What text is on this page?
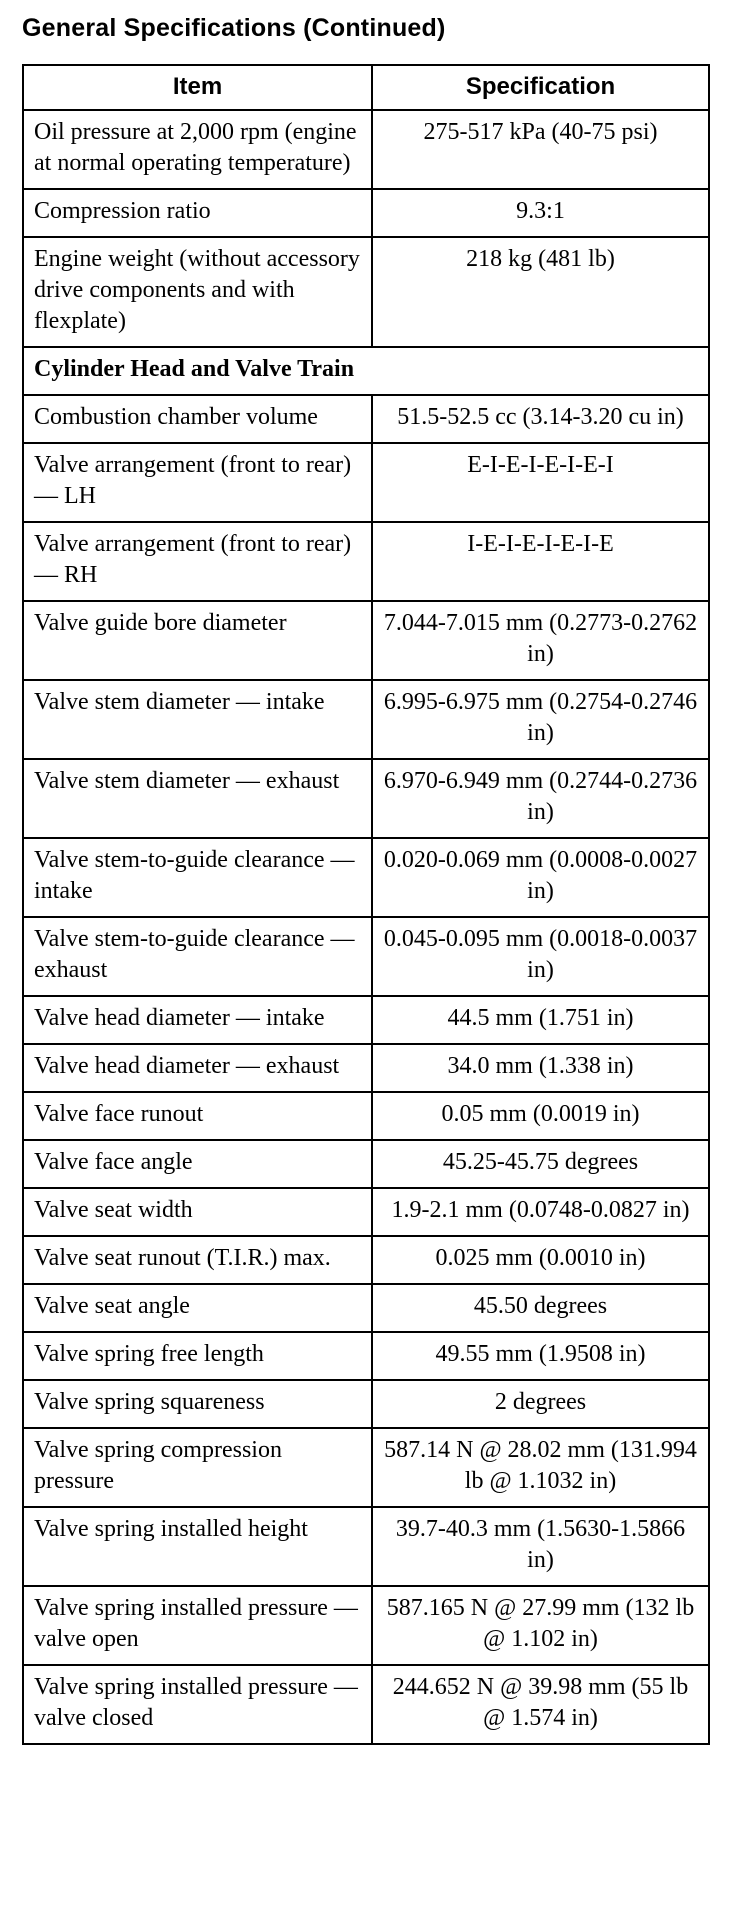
General Specifications (Continued)
Item	Specification
Oil pressure at 2,000 rpm (engine at normal operating temperature)	275-517 kPa (40-75 psi)
Compression ratio	9.3:1
Engine weight (without accessory drive components and with flexplate)	218 kg (481 lb)
Cylinder Head and Valve Train	
Combustion chamber volume	51.5-52.5 cc (3.14-3.20 cu in)
Valve arrangement (front to rear) — LH	E-I-E-I-E-I-E-I
Valve arrangement (front to rear) — RH	I-E-I-E-I-E-I-E
Valve guide bore diameter	7.044-7.015 mm (0.2773-0.2762 in)
Valve stem diameter — intake	6.995-6.975 mm (0.2754-0.2746 in)
Valve stem diameter — exhaust	6.970-6.949 mm (0.2744-0.2736 in)
Valve stem-to-guide clearance — intake	0.020-0.069 mm (0.0008-0.0027 in)
Valve stem-to-guide clearance — exhaust	0.045-0.095 mm (0.0018-0.0037 in)
Valve head diameter — intake	44.5 mm (1.751 in)
Valve head diameter — exhaust	34.0 mm (1.338 in)
Valve face runout	0.05 mm (0.0019 in)
Valve face angle	45.25-45.75 degrees
Valve seat width	1.9-2.1 mm (0.0748-0.0827 in)
Valve seat runout (T.I.R.) max.	0.025 mm (0.0010 in)
Valve seat angle	45.50 degrees
Valve spring free length	49.55 mm (1.9508 in)
Valve spring squareness	2 degrees
Valve spring compression pressure	587.14 N @ 28.02 mm (131.994 lb @ 1.1032 in)
Valve spring installed height	39.7-40.3 mm (1.5630-1.5866 in)
Valve spring installed pressure — valve open	587.165 N @ 27.99 mm (132 lb @ 1.102 in)
Valve spring installed pressure — valve closed	244.652 N @ 39.98 mm (55 lb @ 1.574 in)
